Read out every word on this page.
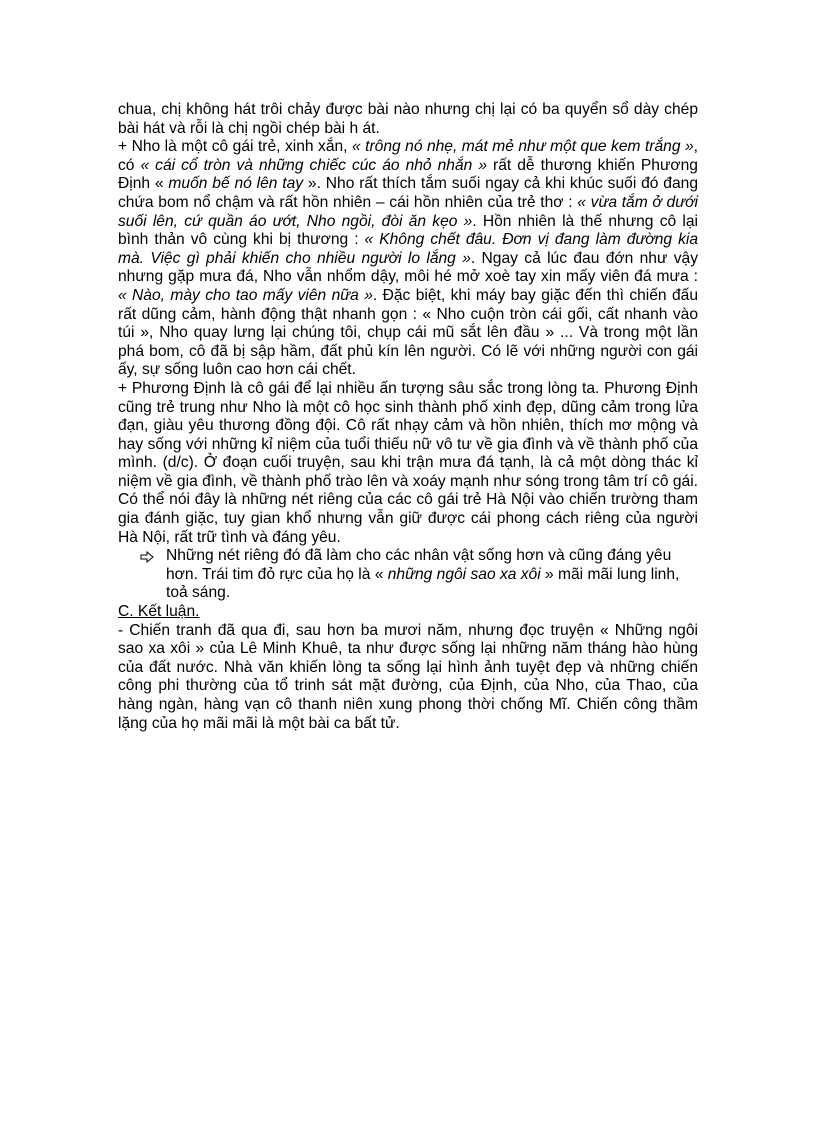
chua, chị không hát trôi chảy được bài nào nhưng chị lại có ba quyển sổ dày chép bài hát và rỗi là chị ngồi chép bài h át.

+ Nho là một cô gái trẻ, xinh xắn, « trông nó nhẹ, mát mẻ như một que kem trắng », có « cái cổ tròn và những chiếc cúc áo nhỏ nhắn » rất dễ thương khiến Phương Định « muốn bế nó lên tay ». Nho rất thích tắm suối ngay cả khi khúc suối đó đang chứa bom nổ chậm và rất hồn nhiên – cái hồn nhiên của trẻ thơ : « vừa tắm ở dưới suối lên, cứ quần áo ướt, Nho ngồi, đòi ăn kẹo ». Hồn nhiên là thế nhưng cô lại bình thản vô cùng khi bị thương : « Không chết đâu. Đơn vị đang làm đường kia mà. Việc gì phải khiến cho nhiều người lo lắng ». Ngay cả lúc đau đớn như vậy nhưng gặp mưa đá, Nho vẫn nhổm dậy, môi hé mở xoè tay xin mấy viên đá mưa : « Nào, mày cho tao mấy viên nữa ». Đặc biệt, khi máy bay giặc đến thì chiến đấu rất dũng cảm, hành động thật nhanh gọn : « Nho cuộn tròn cái gối, cất nhanh vào túi », Nho quay lưng lại chúng tôi, chụp cái mũ sắt lên đầu » ... Và trong một lần phá bom, cô đã bị sập hầm, đất phủ kín lên người. Có lẽ với những người con gái ấy, sự sống luôn cao hơn cái chết.

+ Phương Định là cô gái để lại nhiều ấn tượng sâu sắc trong lòng ta. Phương Định cũng trẻ trung như Nho là một cô học sinh thành phố xinh đẹp, dũng cảm trong lửa đạn, giàu yêu thương đồng đội. Cô rất nhạy cảm và hồn nhiên, thích mơ mộng và hay sống với những kỉ niệm của tuổi thiếu nữ vô tư về gia đình và về thành phố của mình. (d/c). Ở đoạn cuối truyện, sau khi trận mưa đá tạnh, là cả một dòng thác kỉ niệm về gia đình, về thành phố trào lên và xoáy mạnh như sóng trong tâm trí cô gái. Có thể nói đây là những nét riêng của các cô gái trẻ Hà Nội vào chiến trường tham gia đánh giặc, tuy gian khổ nhưng vẫn giữ được cái phong cách riêng của người Hà Nội, rất trữ tình và đáng yêu.

Những nét riêng đó đã làm cho các nhân vật sống hơn và cũng đáng yêu hơn. Trái tim đỏ rực của họ là « những ngôi sao xa xôi » mãi mãi lung linh, toả sáng.

C. Kết luận.

- Chiến tranh đã qua đi, sau hơn ba mươi năm, nhưng đọc truyện « Những ngôi sao xa xôi » của Lê Minh Khuê, ta như được sống lại những năm tháng hào hùng của đất nước. Nhà văn khiến lòng ta sống lại hình ảnh tuyệt đẹp và những chiến công phi thường của tổ trinh sát mặt đường, của Định, của Nho, của Thao, của hàng ngàn, hàng vạn cô thanh niên xung phong thời chống Mĩ. Chiến công thầm lặng của họ mãi mãi là một bài ca bất tử.
